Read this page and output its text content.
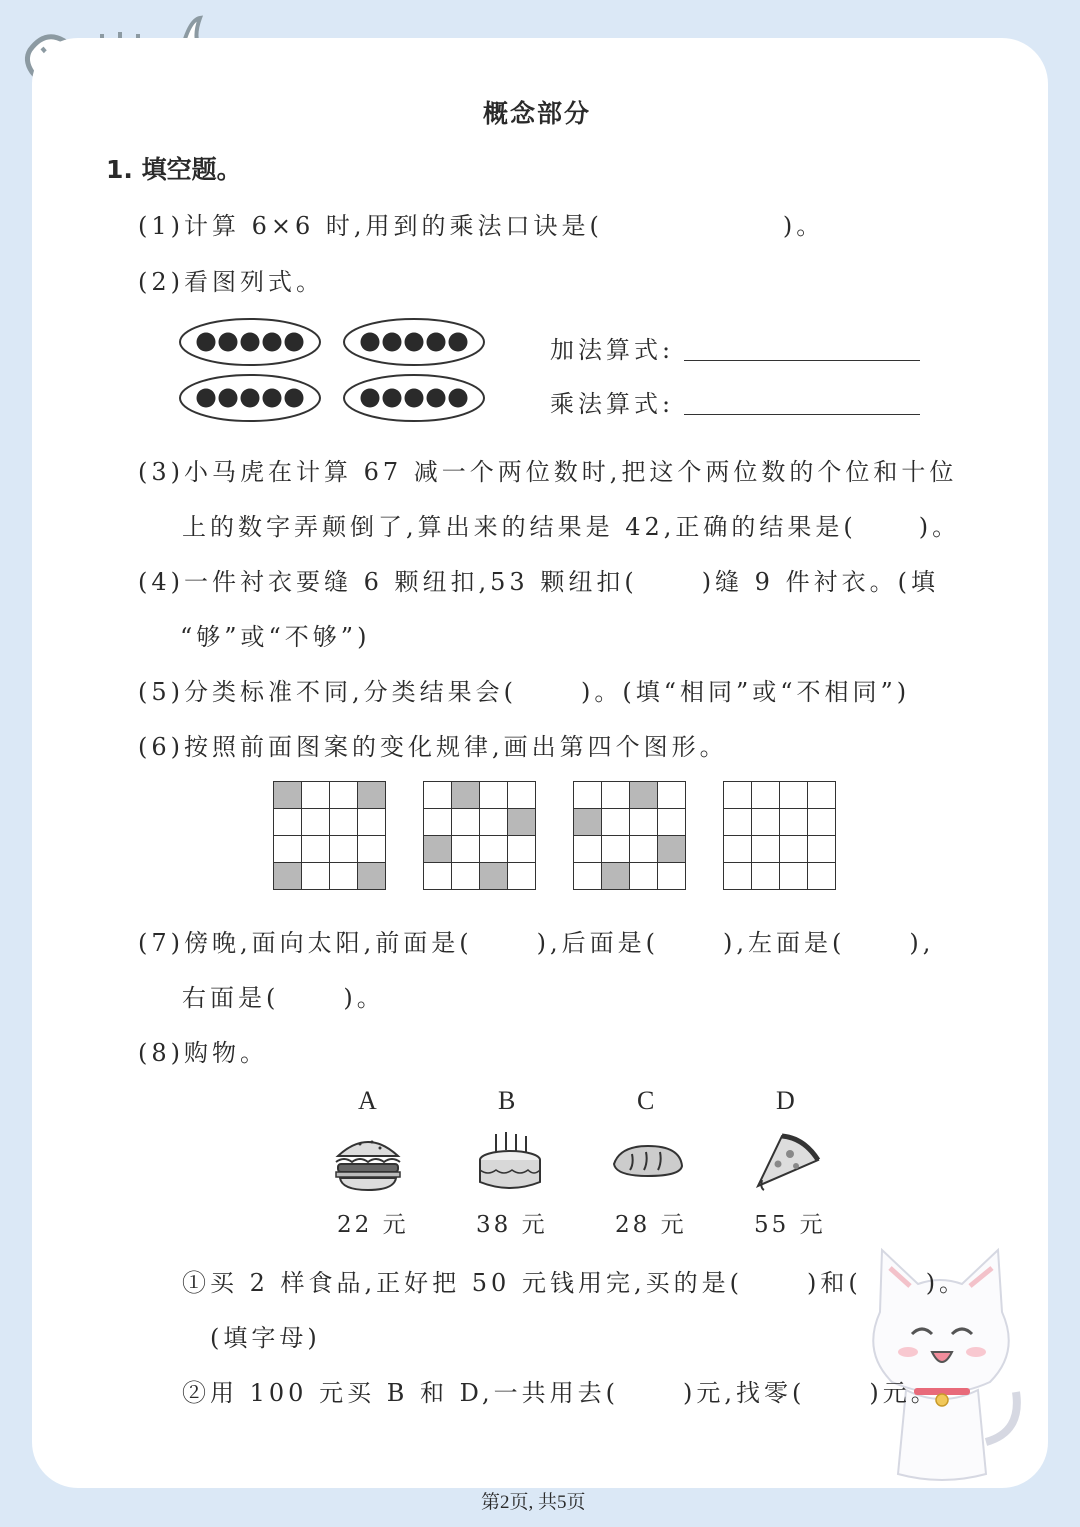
概念部分
1. 填空题。
(1)计算 6×6 时,用到的乘法口诀是(	)。
(2)看图列式。
加法算式:
乘法算式:
(3)小马虎在计算 67 减一个两位数时,把这个两位数的个位和十位
上的数字弄颠倒了,算出来的结果是 42,正确的结果是(	)。
(4)一件衬衣要缝 6 颗纽扣,53 颗纽扣(	)缝 9 件衬衣。(填
“够”或“不够”)
(5)分类标准不同,分类结果会(	)。(填“相同”或“不相同”)
(6)按照前面图案的变化规律,画出第四个图形。

(7)傍晚,面向太阳,前面是(	),后面是(	),左面是(	),
右面是(	)。
(8)购物。
A	B	C	D
22 元	38 元	28 元	55 元
①买 2 样食品,正好把 50 元钱用完,买的是(	)和(	)。
(填字母)
②用 100 元买 B 和 D,一共用去(	)元,找零(	)元。
第2页, 共5页
